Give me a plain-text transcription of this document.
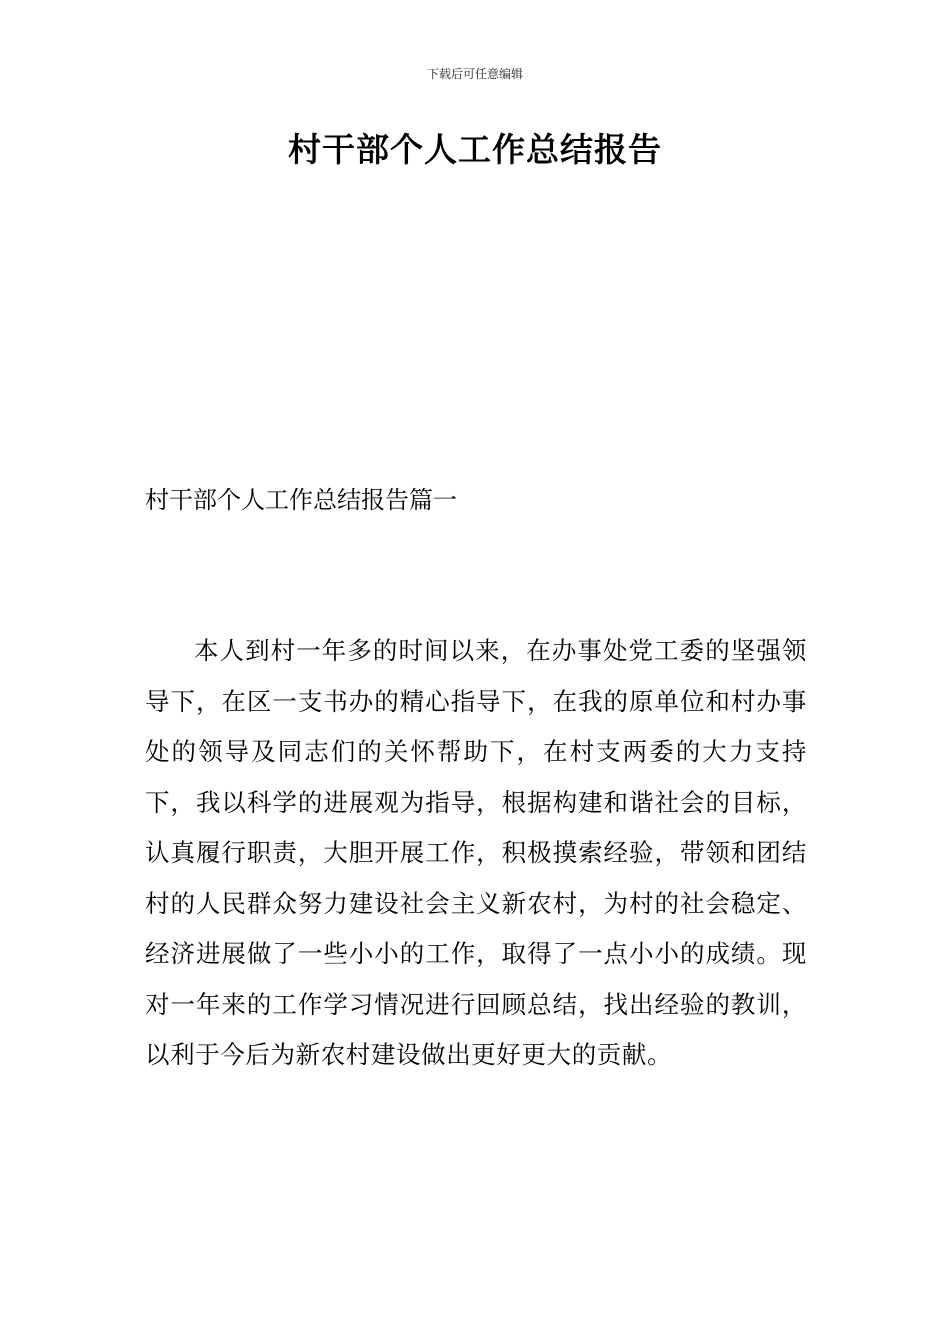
下载后可任意编辑
村干部个人工作总结报告
村干部个人工作总结报告篇一

本人到村一年多的时间以来，在办事处党工委的坚强领导下，在区一支书办的精心指导下，在我的原单位和村办事处的领导及同志们的关怀帮助下，在村支两委的大力支持下，我以科学的进展观为指导，根据构建和谐社会的目标，认真履行职责，大胆开展工作，积极摸索经验，带领和团结村的人民群众努力建设社会主义新农村，为村的社会稳定、经济进展做了一些小小的工作，取得了一点小小的成绩。现对一年来的工作学习情况进行回顾总结，找出经验的教训，以利于今后为新农村建设做出更好更大的贡献。
